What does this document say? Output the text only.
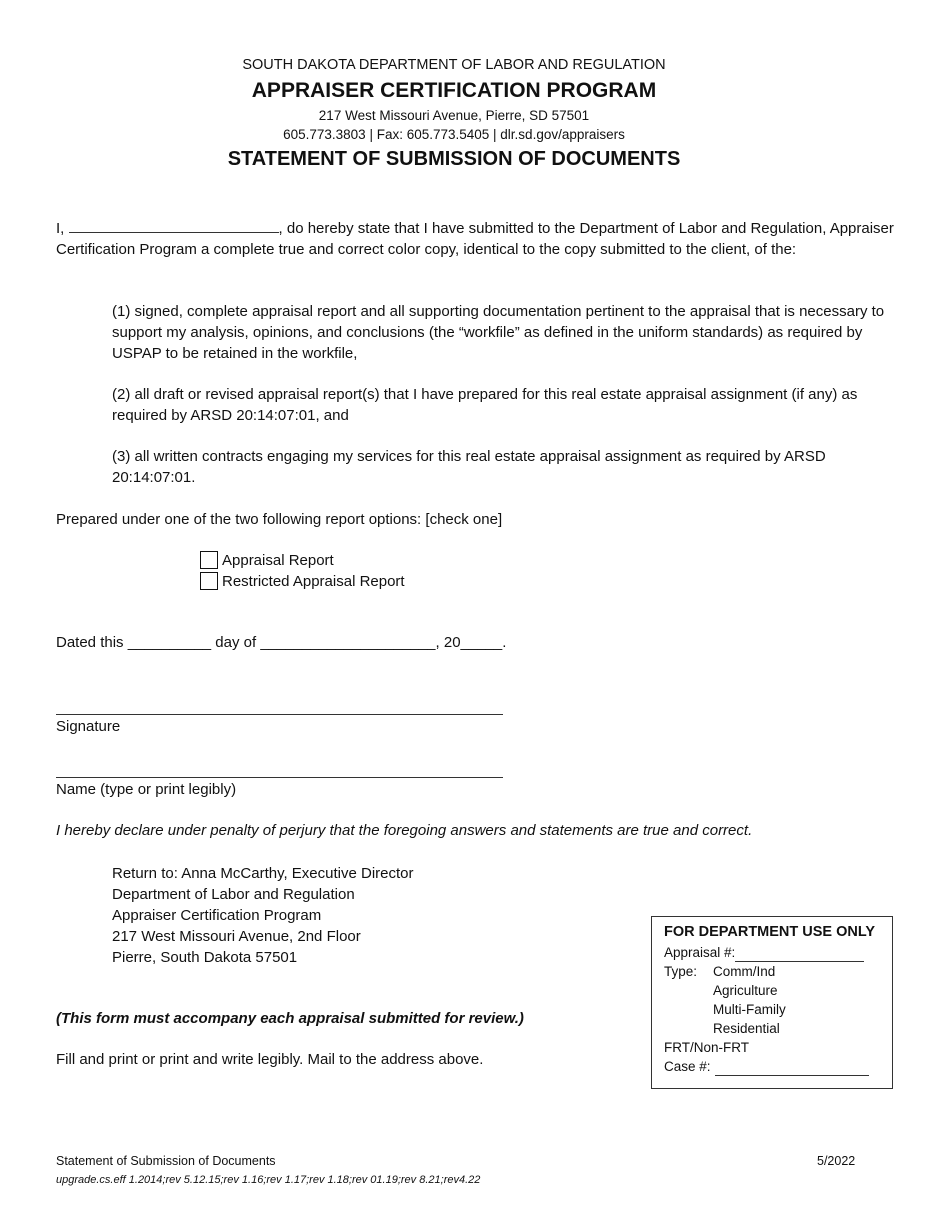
SOUTH DAKOTA DEPARTMENT OF LABOR AND REGULATION
APPRAISER CERTIFICATION PROGRAM
217 West Missouri Avenue, Pierre, SD 57501
605.773.3803 | Fax: 605.773.5405 | dlr.sd.gov/appraisers
STATEMENT OF SUBMISSION OF DOCUMENTS
I,	, do hereby state that I have submitted to the Department of Labor and Regulation, Appraiser Certification Program a complete true and correct color copy, identical to the copy submitted to the client, of the:
(1) signed, complete appraisal report and all supporting documentation pertinent to the appraisal that is necessary to support my analysis, opinions, and conclusions (the “workfile” as defined in the uniform standards) as required by USPAP to be retained in the workfile,
(2) all draft or revised appraisal report(s) that I have prepared for this real estate appraisal assignment (if any) as required by ARSD 20:14:07:01, and
(3) all written contracts engaging my services for this real estate appraisal assignment as required by ARSD 20:14:07:01.
Prepared under one of the two following report options: [check one]
Appraisal Report
Restricted Appraisal Report
Dated this __________ day of _____________________, 20_____.
Signature
Name (type or print legibly)
I hereby declare under penalty of perjury that the foregoing answers and statements are true and correct.
Return to: Anna McCarthy, Executive Director
Department of Labor and Regulation
Appraiser Certification Program
217 West Missouri Avenue, 2nd Floor
Pierre, South Dakota 57501
(This form must accompany each appraisal submitted for review.)
Fill and print or print and write legibly. Mail to the address above.
FOR DEPARTMENT USE ONLY
Appraisal #:
Type:	Comm/Ind
Agriculture
Multi-Family
Residential
FRT/Non-FRT
Case #:
Statement of Submission of Documents	5/2022
upgrade.cs.eff 1.2014;rev 5.12.15;rev 1.16;rev 1.17;rev 1.18;rev 01.19;rev 8.21;rev4.22
